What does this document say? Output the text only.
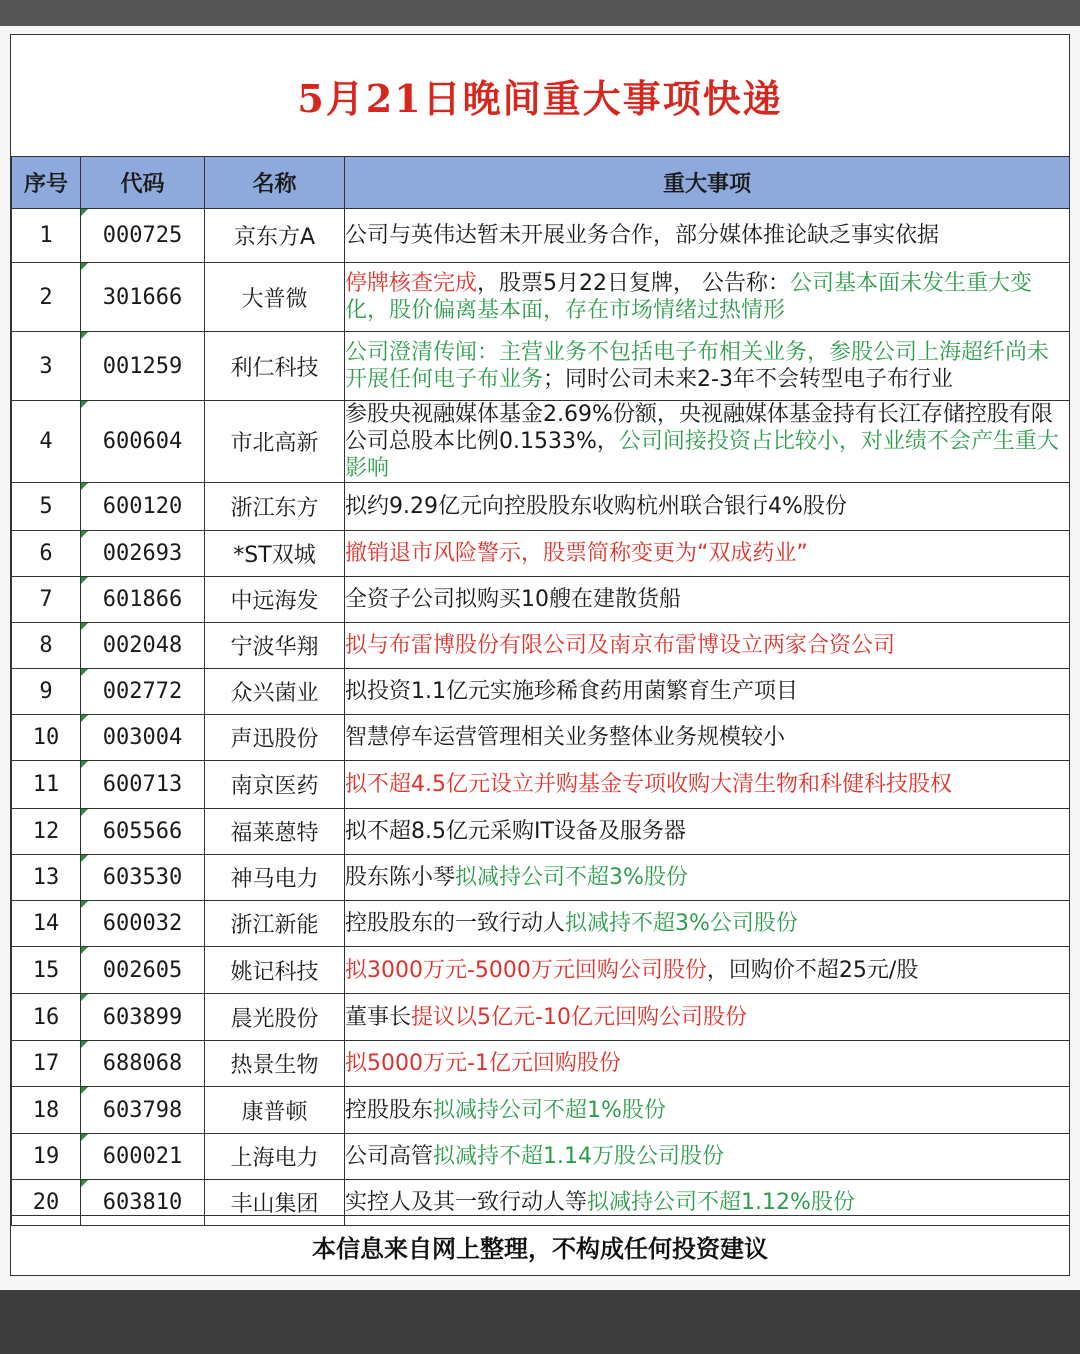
5月21日晚间重大事项快递
序号	代码	名称	重大事项
1	000725	京东方A	公司与英伟达暂未开展业务合作，部分媒体推论缺乏事实依据
2	301666	大普微	停牌核查完成，股票5月22日复牌， 公告称：公司基本面未发生重大变化，股价偏离基本面，存在市场情绪过热情形
3	001259	利仁科技	公司澄清传闻：主营业务不包括电子布相关业务，参股公司上海超纤尚未开展任何电子布业务；同时公司未来2-3年不会转型电子布行业
4	600604	市北高新	参股央视融媒体基金2.69%份额，央视融媒体基金持有长江存储控股有限公司总股本比例0.1533%，公司间接投资占比较小，对业绩不会产生重大影响
5	600120	浙江东方	拟约9.29亿元向控股股东收购杭州联合银行4%股份
6	002693	*ST双城	撤销退市风险警示，股票简称变更为“双成药业”
7	601866	中远海发	全资子公司拟购买10艘在建散货船
8	002048	宁波华翔	拟与布雷博股份有限公司及南京布雷博设立两家合资公司
9	002772	众兴菌业	拟投资1.1亿元实施珍稀食药用菌繁育生产项目
10	003004	声迅股份	智慧停车运营管理相关业务整体业务规模较小
11	600713	南京医药	拟不超4.5亿元设立并购基金专项收购大清生物和科健科技股权
12	605566	福莱蒽特	拟不超8.5亿元采购IT设备及服务器
13	603530	神马电力	股东陈小琴拟减持公司不超3%股份
14	600032	浙江新能	控股股东的一致行动人拟减持不超3%公司股份
15	002605	姚记科技	拟3000万元-5000万元回购公司股份，回购价不超25元/股
16	603899	晨光股份	董事长提议以5亿元-10亿元回购公司股份
17	688068	热景生物	拟5000万元-1亿元回购股份
18	603798	康普顿	控股股东拟减持公司不超1%股份
19	600021	上海电力	公司高管拟减持不超1.14万股公司股份
20	603810	丰山集团	实控人及其一致行动人等拟减持公司不超1.12%股份
本信息来自网上整理，不构成任何投资建议
